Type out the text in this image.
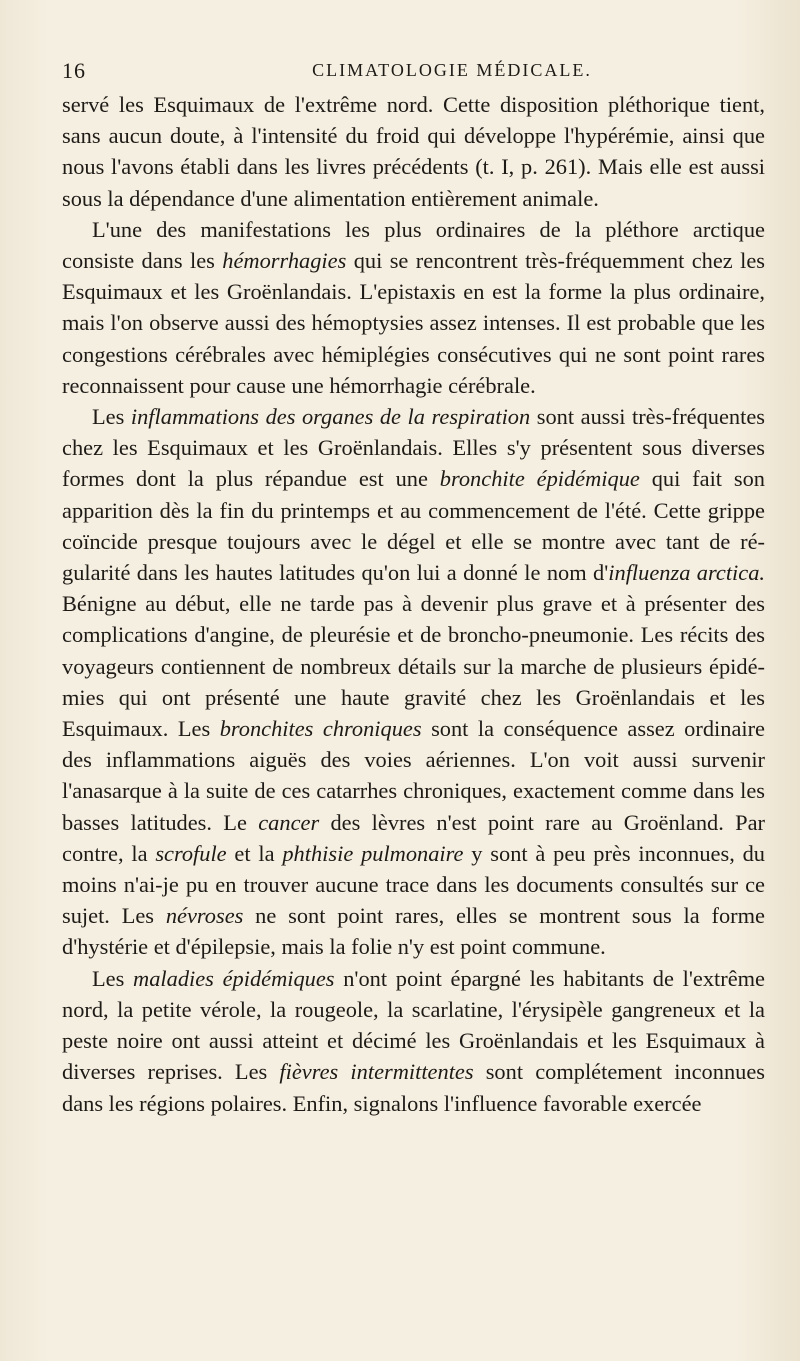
16	CLIMATOLOGIE MÉDICALE.

servé les Esquimaux de l'extrême nord. Cette disposition pléthorique tient, sans aucun doute, à l'intensité du froid qui développe l'hypérémie, ainsi que nous l'avons établi dans les livres précédents (t. I, p. 261). Mais elle est aussi sous la dépendance d'une alimentation entièrement animale.

L'une des manifestations les plus ordinaires de la pléthore arctique consiste dans les hémorrhagies qui se rencontrent très-fréquemment chez les Esquimaux et les Groënlandais. L'epistaxis en est la forme la plus ordinaire, mais l'on observe aussi des hémoptysies assez intenses. Il est probable que les congestions cérébrales avec hémiplégies consécutives qui ne sont point rares reconnaissent pour cause une hémorrhagie cérébrale.

Les inflammations des organes de la respiration sont aussi très-fréquentes chez les Esquimaux et les Groënlandais. Elles s'y présentent sous diverses formes dont la plus répandue est une bronchite épidémique qui fait son apparition dès la fin du printemps et au commencement de l'été. Cette grippe coïncide presque toujours avec le dégel et elle se montre avec tant de régularité dans les hautes latitudes qu'on lui a donné le nom d'influenza arctica. Bénigne au début, elle ne tarde pas à devenir plus grave et à présenter des complications d'angine, de pleurésie et de broncho-pneumonie. Les récits des voyageurs contiennent de nombreux détails sur la marche de plusieurs épidémies qui ont présenté une haute gravité chez les Groënlandais et les Esquimaux. Les bronchites chroniques sont la conséquence assez ordinaire des inflammations aiguës des voies aériennes. L'on voit aussi survenir l'anasarque à la suite de ces catarrhes chroniques, exactement comme dans les basses latitudes. Le cancer des lèvres n'est point rare au Groënland. Par contre, la scrofule et la phthisie pulmonaire y sont à peu près inconnues, du moins n'ai-je pu en trouver aucune trace dans les documents consultés sur ce sujet. Les névroses ne sont point rares, elles se montrent sous la forme d'hystérie et d'épilepsie, mais la folie n'y est point commune.

Les maladies épidémiques n'ont point épargné les habitants de l'extrême nord, la petite vérole, la rougeole, la scarlatine, l'érysipèle gangreneux et la peste noire ont aussi atteint et décimé les Groënlandais et les Esquimaux à diverses reprises. Les fièvres intermittentes sont complétement inconnues dans les régions polaires. Enfin, signalons l'influence favorable exercée
